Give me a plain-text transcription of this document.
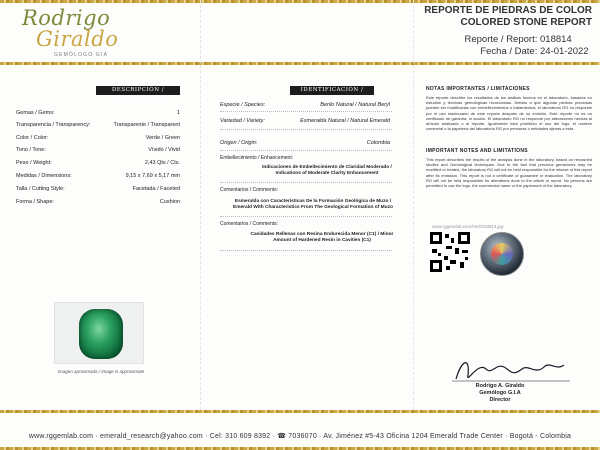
Rodrigo
Giraldo
GEMÓLOGO GIA
REPORTE DE PIEDRAS DE COLOR
COLORED STONE REPORT
Reporte / Report: 018814
Fecha / Date: 24-01-2022
DESCRIPCIÓN / DESCRIPTION
Gemas / Gems:	1
Transparencia / Transparency:	Transparente / Transparent
Color / Color:	Verde / Green
Tono / Tone:	Vívido / Vivid
Peso / Weight:	2,43 Qts / Cts.
Medidas / Dimensions:	9,15 x 7,69 x 5,17 mm
Talla / Cutting Style:	Facetada / Faceted
Forma / Shape:	Cushion
Imagen aproximada / Image is approximate
IDENTIFICACIÓN / IDENTIFICATION
Especie / Species:	Berilo Natural / Natural Beryl
Variedad / Variety:	Esmeralda Natural / Natural Emerald
Origen / Origin:	Colombia
Embellecimiento / Enhancement:
Indicaciones de Embellecimiento de Claridad Moderado / Indications of Moderate Clarity Enhancement
Comentarios / Comments:
Esmeralda con Características De la Formación Geológica de Muzo / Emerald With Characteristics From The Geological Formation of Muzo
Comentarios / Comments:
Cavidades Rellenas con Resina Endurecida Menor (C1) / Minor Amount of Hardened Resin in Cavities (C1)
NOTAS IMPORTANTES / LIMITACIONES
Este reporte describe los resultados de los análisis hechos en el laboratorio, basados en estudios y técnicas gemológicas reconocidas. Debido a que algunas piedras preciosas pueden ser modificadas con embellecimientos o tratamientos, el laboratorio RG no responde por el uso inadecuado de este reporte después de su emisión. Este reporte no es un certificado de garantía, ni avalúo. El laboratorio RG no responde por alteraciones hechas al artículo analizado o al reporte. Igualmente está prohibido el uso del logo, el nombre comercial o la papelería del laboratorio RG por personas o entidades ajenas a ésta.
IMPORTANT NOTES AND LIMITATIONS
This report describes the results of the analysis done in the laboratory, based on renowned studies and Gemological techniques. Due to the fact that precious gemstones may be modified or treated, the laboratory RG will not be held responsible for the misuse of this report after its emission. This report is not a certificate of guarantee or evaluation. The laboratory RG will not be held responsible for alterations done to the article or report. No persons are permitted to use the logo, the commercial name or the paperwork of the laboratory.
www.rggemlab.com/cert/018814.jpg
Rodrigo A. Giraldo
Gemólogo G.I.A
Director
www.rggemlab.com · emerald_research@yahoo.com · Cel: 310 609 8392 · ☎ 7036070 · Av. Jiménez #5-43 Oficina 1204 Emerald Trade Center · Bogotá - Colombia
